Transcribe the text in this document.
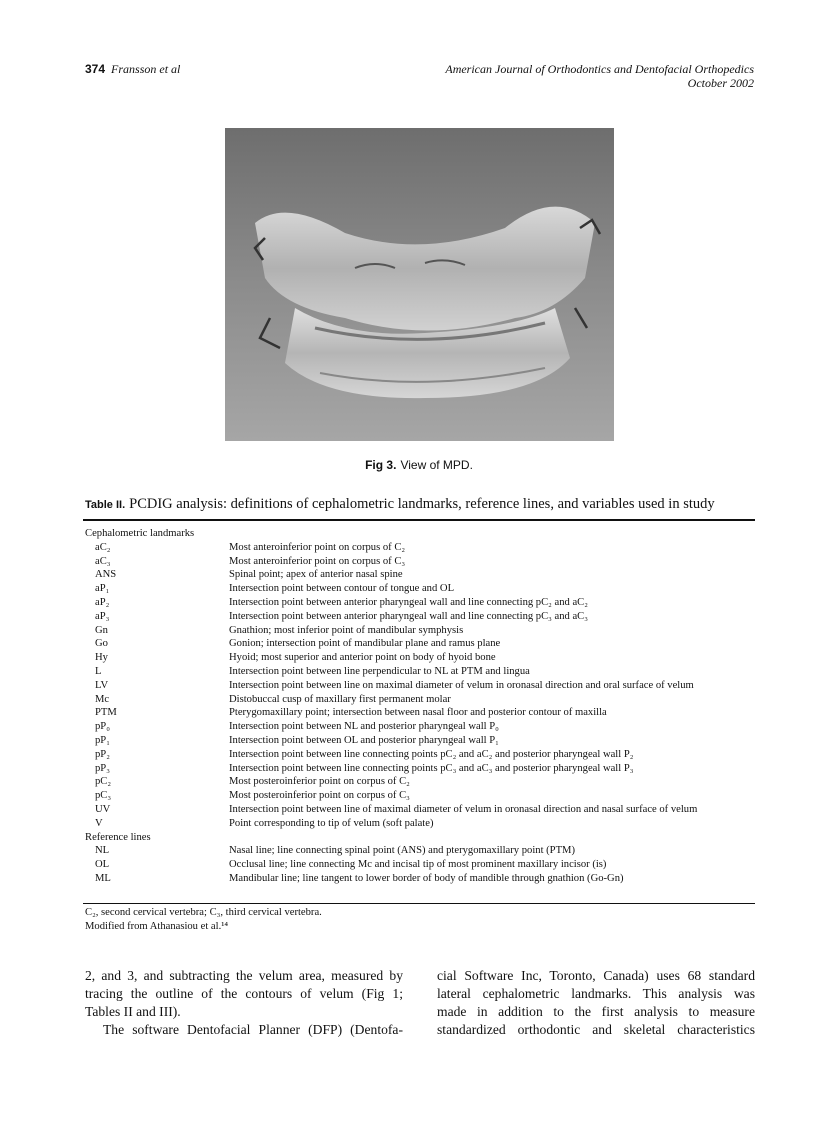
374 Fransson et al	American Journal of Orthodontics and Dentofacial Orthopedics
October 2002
Fig 3. View of MPD.
Table II. PCDIG analysis: definitions of cephalometric landmarks, reference lines, and variables used in study
Cephalometric landmarks
aC₂	Most anteroinferior point on corpus of C₂
aC₃	Most anteroinferior point on corpus of C₃
ANS	Spinal point; apex of anterior nasal spine
aP₁	Intersection point between contour of tongue and OL
aP₂	Intersection point between anterior pharyngeal wall and line connecting pC₂ and aC₂
aP₃	Intersection point between anterior pharyngeal wall and line connecting pC₃ and aC₃
Gn	Gnathion; most inferior point of mandibular symphysis
Go	Gonion; intersection point of mandibular plane and ramus plane
Hy	Hyoid; most superior and anterior point on body of hyoid bone
L	Intersection point between line perpendicular to NL at PTM and lingua
LV	Intersection point between line on maximal diameter of velum in oronasal direction and oral surface of velum
Mc	Distobuccal cusp of maxillary first permanent molar
PTM	Pterygomaxillary point; intersection between nasal floor and posterior contour of maxilla
pP₀	Intersection point between NL and posterior pharyngeal wall P₀
pP₁	Intersection point between OL and posterior pharyngeal wall P₁
pP₂	Intersection point between line connecting points pC₂ and aC₂ and posterior pharyngeal wall P₂
pP₃	Intersection point between line connecting points pC₃ and aC₃ and posterior pharyngeal wall P₃
pC₂	Most posteroinferior point on corpus of C₂
pC₃	Most posteroinferior point on corpus of C₃
UV	Intersection point between line of maximal diameter of velum in oronasal direction and nasal surface of velum
V	Point corresponding to tip of velum (soft palate)
Reference lines
NL	Nasal line; line connecting spinal point (ANS) and pterygomaxillary point (PTM)
OL	Occlusal line; line connecting Mc and incisal tip of most prominent maxillary incisor (is)
ML	Mandibular line; line tangent to lower border of body of mandible through gnathion (Go-Gn)
C₂, second cervical vertebra; C₃, third cervical vertebra.
Modified from Athanasiou et al.¹⁴
2, and 3, and subtracting the velum area, measured by
tracing the outline of the contours of velum (Fig 1;
Tables II and III).
The software Dentofacial Planner (DFP) (Dentofa-
cial Software Inc, Toronto, Canada) uses 68 standard
lateral cephalometric landmarks. This analysis was
made in addition to the first analysis to measure
standardized orthodontic and skeletal characteristics
